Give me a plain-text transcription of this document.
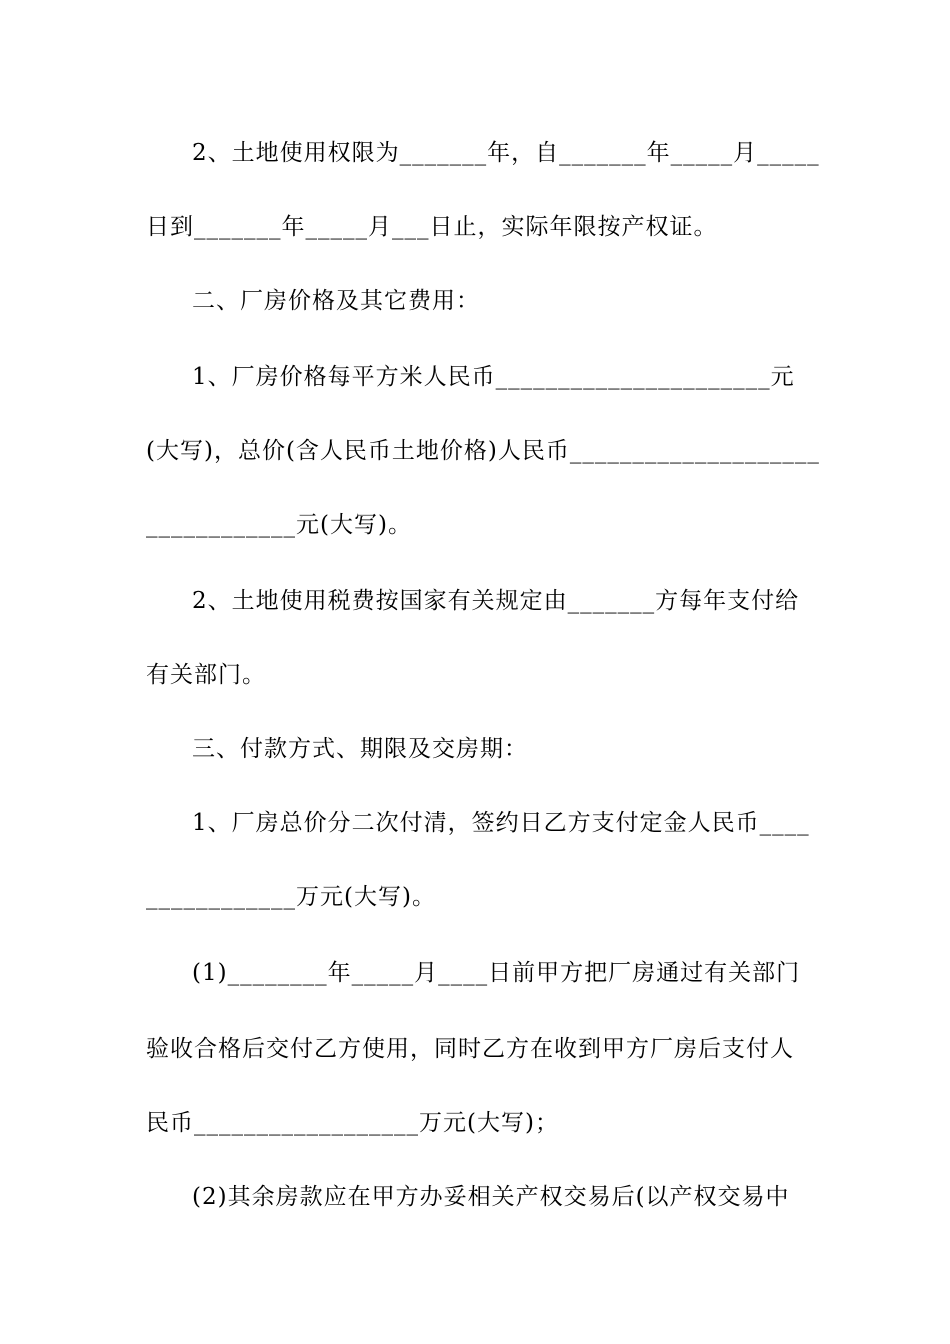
2、土地使用权限为_______年，自_______年_____月_____
日到_______年_____月___日止，实际年限按产权证。
二、厂房价格及其它费用：
1、厂房价格每平方米人民币______________________元
(大写)，总价(含人民币土地价格)人民币____________________
____________元(大写)。
2、土地使用税费按国家有关规定由_______方每年支付给
有关部门。
三、付款方式、期限及交房期：
1、厂房总价分二次付清，签约日乙方支付定金人民币____
____________万元(大写)。
(1)________年_____月____日前甲方把厂房通过有关部门
验收合格后交付乙方使用，同时乙方在收到甲方厂房后支付人
民币__________________万元(大写)；
(2)其余房款应在甲方办妥相关产权交易后(以产权交易中
